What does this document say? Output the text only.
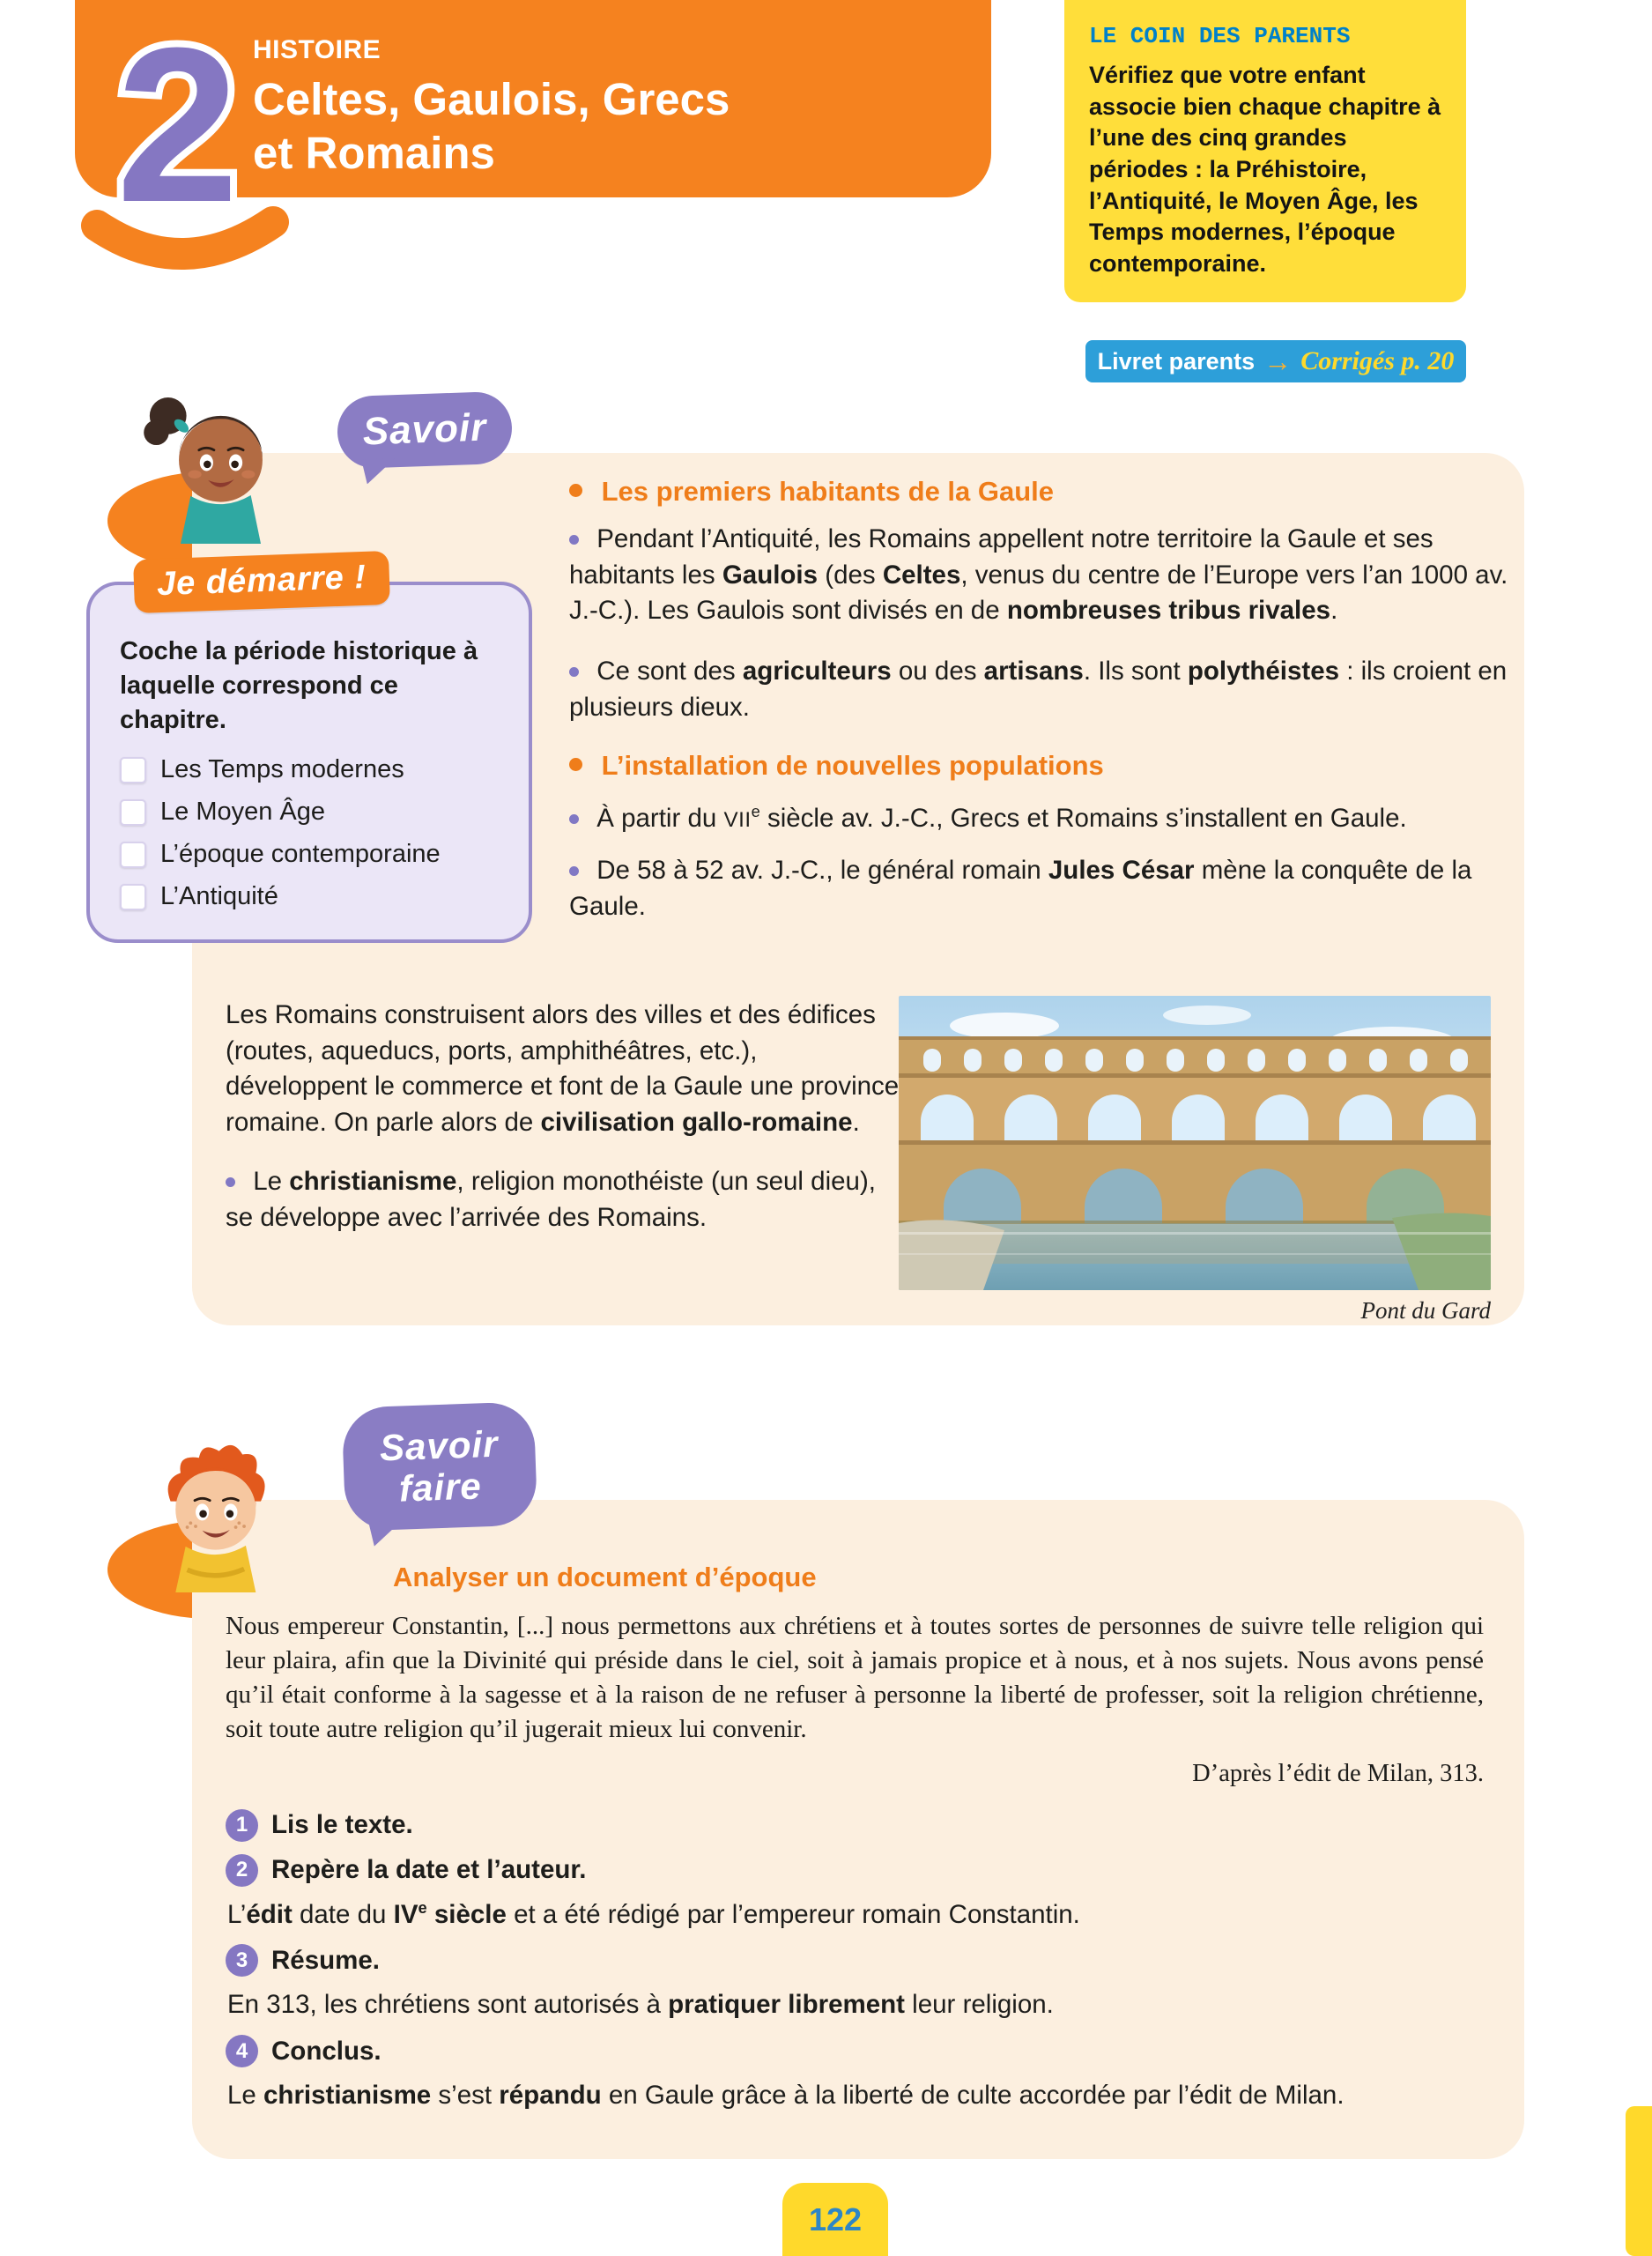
HISTOIRE
Celtes, Gaulois, Grecs
et Romains
2	LE COIN DES PARENTS
Vérifiez que votre enfant associe bien chaque chapitre à l’une des cinq grandes périodes : la Préhistoire, l’Antiquité, le Moyen Âge, les Temps modernes, l’époque contemporaine.
Livret parents → Corrigés p. 20
Savoir
Les premiers habitants de la Gaule

Pendant l’Antiquité, les Romains appellent notre territoire la Gaule et ses habitants les Gaulois (des Celtes, venus du centre de l’Europe vers l’an 1000 av. J.-C.). Les Gaulois sont divisés en de nombreuses tribus rivales.

Ce sont des agriculteurs ou des artisans. Ils sont polythéistes : ils croient en plusieurs dieux.

L’installation de nouvelles populations

À partir du VIIe siècle av. J.-C., Grecs et Romains s’installent en Gaule.

De 58 à 52 av. J.-C., le général romain Jules César mène la conquête de la Gaule.

Les Romains construisent alors des villes et des édifices (routes, aqueducs, ports, amphithéâtres, etc.), développent le commerce et font de la Gaule une province romaine. On parle alors de civilisation gallo-romaine.

Le christianisme, religion monothéiste (un seul dieu), se développe avec l’arrivée des Romains.

Pont du Gard
Je démarre !
Coche la période historique à laquelle correspond ce chapitre.
Les Temps modernes
Le Moyen Âge
L’époque contemporaine
L’Antiquité
Savoir
faire
Analyser un document d’époque

Nous empereur Constantin, [...] nous permettons aux chrétiens et à toutes sortes de personnes de suivre telle religion qui leur plaira, afin que la Divinité qui préside dans le ciel, soit à jamais propice et à nous, et à nos sujets. Nous avons pensé qu’il était conforme à la sagesse et à la raison de ne refuser à personne la liberté de professer, soit la religion chrétienne, soit toute autre religion qu’il jugerait mieux lui convenir.

D’après l’édit de Milan, 313.

1 Lis le texte.
2 Repère la date et l’auteur.

L’édit date du IVe siècle et a été rédigé par l’empereur romain Constantin.

3 Résume.

En 313, les chrétiens sont autorisés à pratiquer librement leur religion.

4 Conclus.

Le christianisme s’est répandu en Gaule grâce à la liberté de culte accordée par l’édit de Milan.

122
